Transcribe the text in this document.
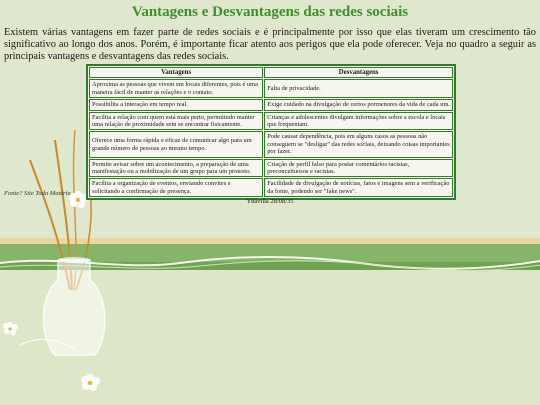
Vantagens e Desvantagens das redes sociais

Existem várias vantagens em fazer parte de redes sociais e é principalmente por isso que elas tiveram um crescimento tão significativo ao longo dos anos. Porém, é importante ficar atento aos perigos que ela pode oferecer. Veja no quadro a seguir as principais vantagens e desvantagens das redes sociais.

Vantagens	Desvantagens
Aproxima as pessoas que vivem em locais diferentes, pois é uma maneira fácil de manter as relações e o contato.	Falta de privacidade.
Possibilita a interação em tempo real.	Exige cuidado na divulgação de certos pormenores da vida de cada um.
Facilita a relação com quem está mais perto, permitindo manter uma relação de proximidade sem se encontrar fisicamente.	Crianças e adolescentes divulgam informações sobre a escola e locais que frequentam.
Oferece uma forma rápida e eficaz de comunicar algo para um grande número de pessoas ao mesmo tempo.	Pode causar dependência, pois em alguns casos as pessoas não conseguem se "desligar" das redes sociais, deixando coisas importantes por fazer.
Permite avisar sobre um acontecimento, a preparação de uma manifestação ou a mobilização de um grupo para um protesto.	Criação de perfil falso para postar comentários racistas, preconceituosos e racistas.
Facilita a organização de eventos, enviando convites e solicitando a confirmação de presença.	Facilidade de divulgação de notícias, fatos e imagens sem a verificação da fonte, podendo ser "fake news".
Fonte? Site Toda Matéria
Ydávilla 28/08/35
